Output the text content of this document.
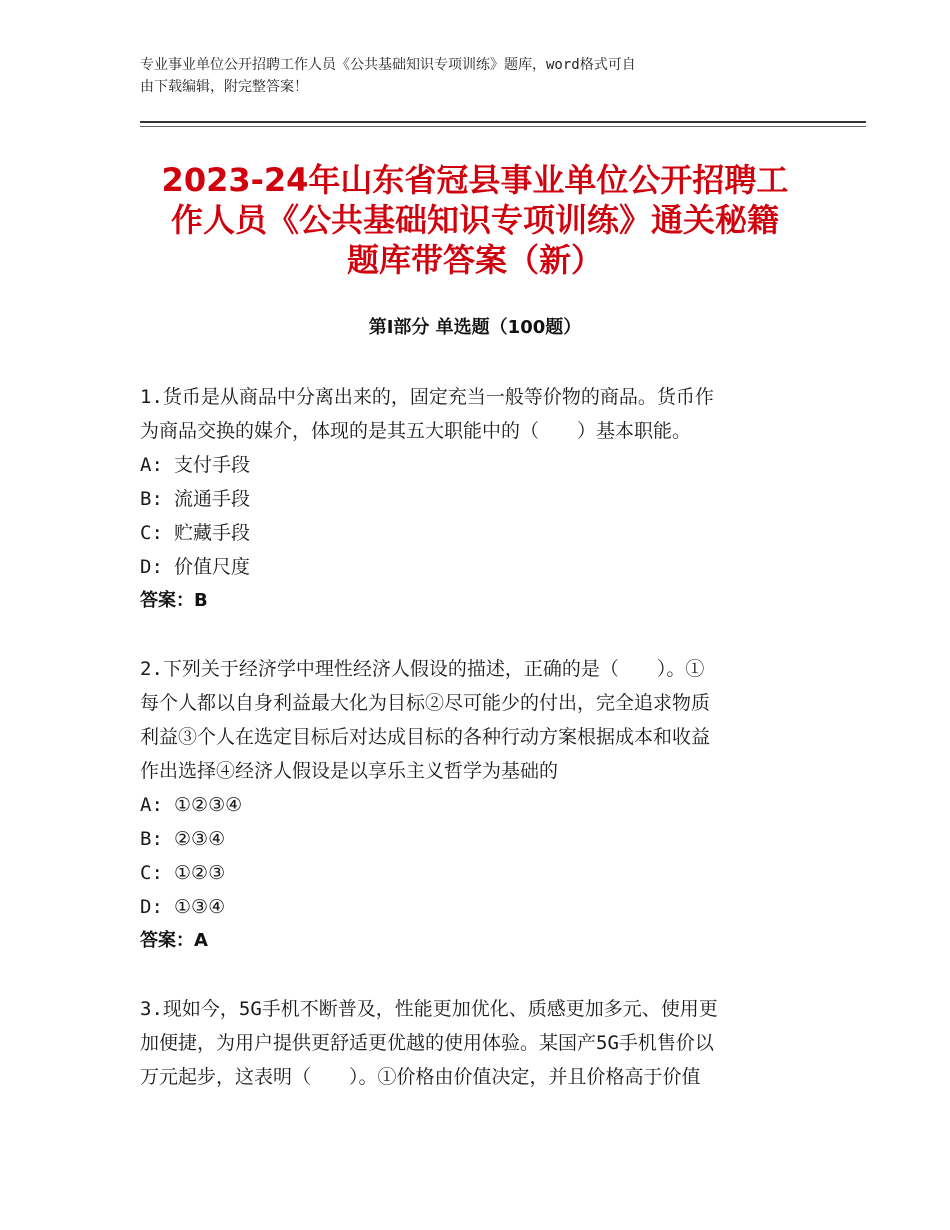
专业事业单位公开招聘工作人员《公共基础知识专项训练》题库，word格式可自
由下载编辑，附完整答案！
2023-24年山东省冠县事业单位公开招聘工
作人员《公共基础知识专项训练》通关秘籍
题库带答案（新）
第Ⅰ部分 单选题（100题）

1.货币是从商品中分离出来的，固定充当一般等价物的商品。货币作
为商品交换的媒介，体现的是其五大职能中的（　　）基本职能。

A: 支付手段
B: 流通手段
C: 贮藏手段
D: 价值尺度
答案：B

2.下列关于经济学中理性经济人假设的描述，正确的是（　　）。①
每个人都以自身利益最大化为目标②尽可能少的付出，完全追求物质
利益③个人在选定目标后对达成目标的各种行动方案根据成本和收益
作出选择④经济人假设是以享乐主义哲学为基础的

A: ①②③④
B: ②③④
C: ①②③
D: ①③④
答案：A

3.现如今，5G手机不断普及，性能更加优化、质感更加多元、使用更
加便捷，为用户提供更舒适更优越的使用体验。某国产5G手机售价以
万元起步，这表明（　　）。①价格由价值决定，并且价格高于价值
